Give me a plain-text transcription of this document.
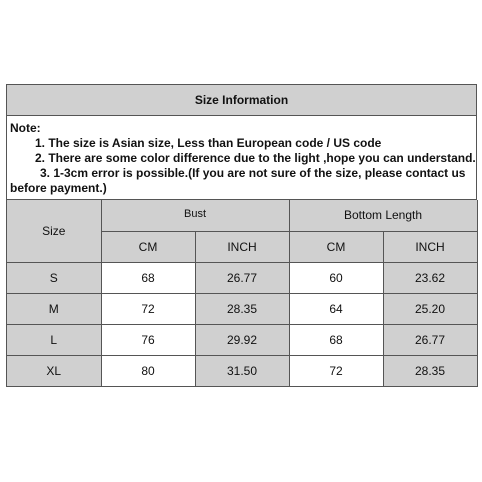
Size Information
Note:
1. The size is Asian size, Less than European code / US code
2. There are some color difference due to the light ,hope you can understand.
3. 1-3cm error is possible.(If you are not sure of the size, please contact us
before payment.)
Size	Bust		Bottom Length	
	CM	INCH	CM	INCH
S	68	26.77	60	23.62
M	72	28.35	64	25.20
L	76	29.92	68	26.77
XL	80	31.50	72	28.35
